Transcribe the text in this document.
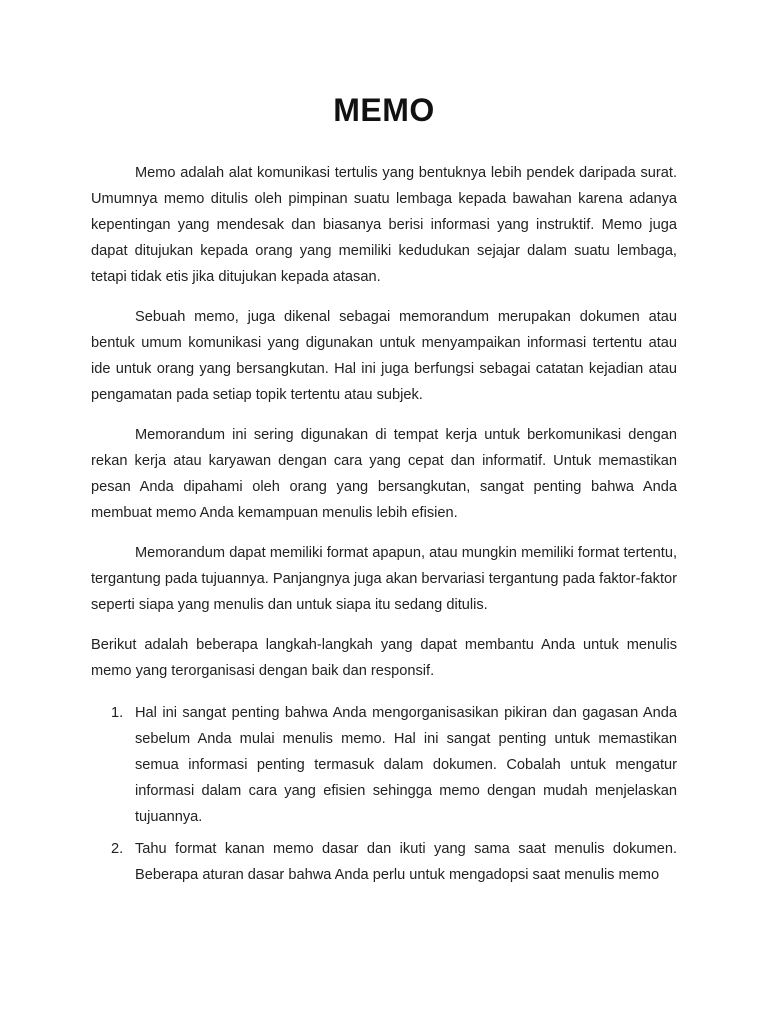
MEMO

Memo adalah alat komunikasi tertulis yang bentuknya lebih pendek daripada surat. Umumnya memo ditulis oleh pimpinan suatu lembaga kepada bawahan karena adanya kepentingan yang mendesak dan biasanya berisi informasi yang instruktif. Memo juga dapat ditujukan kepada orang yang memiliki kedudukan sejajar dalam suatu lembaga, tetapi tidak etis jika ditujukan kepada atasan.

Sebuah memo, juga dikenal sebagai memorandum merupakan dokumen atau bentuk umum komunikasi yang digunakan untuk menyampaikan informasi tertentu atau ide untuk orang yang bersangkutan. Hal ini juga berfungsi sebagai catatan kejadian atau pengamatan pada setiap topik tertentu atau subjek.

Memorandum ini sering digunakan di tempat kerja untuk berkomunikasi dengan rekan kerja atau karyawan dengan cara yang cepat dan informatif. Untuk memastikan pesan Anda dipahami oleh orang yang bersangkutan, sangat penting bahwa Anda membuat memo Anda kemampuan menulis lebih efisien.

Memorandum dapat memiliki format apapun, atau mungkin memiliki format tertentu, tergantung pada tujuannya. Panjangnya juga akan bervariasi tergantung pada faktor-faktor seperti siapa yang menulis dan untuk siapa itu sedang ditulis.

Berikut adalah beberapa langkah-langkah yang dapat membantu Anda untuk menulis memo yang terorganisasi dengan baik dan responsif.

1. Hal ini sangat penting bahwa Anda mengorganisasikan pikiran dan gagasan Anda sebelum Anda mulai menulis memo. Hal ini sangat penting untuk memastikan semua informasi penting termasuk dalam dokumen. Cobalah untuk mengatur informasi dalam cara yang efisien sehingga memo dengan mudah menjelaskan tujuannya.
2. Tahu format kanan memo dasar dan ikuti yang sama saat menulis dokumen. Beberapa aturan dasar bahwa Anda perlu untuk mengadopsi saat menulis memo
